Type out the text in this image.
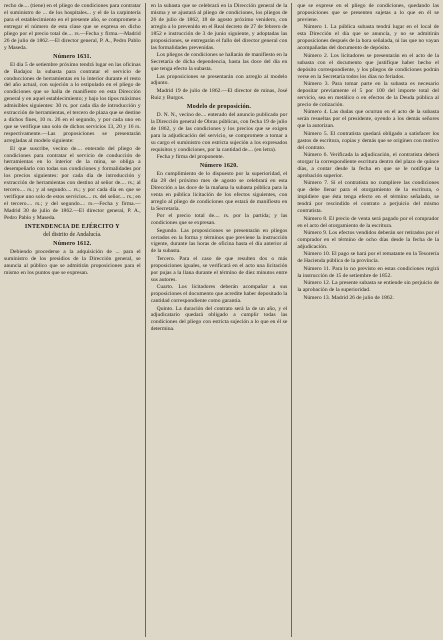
recho de.... (tiene) en el pliego de condiciones para contratar el suministro de ... de los hospitales... y el de la carpintería para el establecimiento en el presente año, se compromete a entregar el número de esta clase que se expresa en dicho pliego por el precio total de.... rs.—Fecha y firma.—Madrid 26 de julio de 1862.—El director general, P. A., Pedro Pablo y Maseda.

Número 1631.

El día 5 de setiembre próximo tendrá lugar en las oficinas de Badajoz la subasta para contratar el servicio de conducciones de herramientas en lo interior durante el resto del año actual, con sujeción a lo estipulado en el pliego de condiciones que se halla de manifiesto en esta Dirección general y en aquel establecimiento; y bajo los tipos máximos admisibles siguientes: 30 rs. por cada día de introducción y extracción de herramientas, el tercero de plaza que se destine a dichos fines, 10 rs. 26 en el segundo, y por cada uno en que se verifique uno solo de dichos servicios 13, 20 y 16 rs. respectivamente.—Las proposiciones se presentarán arregladas al modelo siguiente:

El que suscribe, vecino de.... enterado del pliego de condiciones para contratar el servicio de conducción de herramientas en lo interior de la mina, se obliga a desempeñarlo con todas sus condiciones y formalidades por los precios siguientes: por cada día de introducción y extracción de herramientas con destino al señor de.... rs.; al tercero.... rs.; y al segundo.... rs.; y por cada día en que se verifique uno solo de estos servicios.... rs. del señor.... rs.; en el tercero.... rs.; y del segundo.... rs.—Fecha y firma.—Madrid 30 de julio de 1862.—El director general, P. A., Pedro Pablo y Maseda.

INTENDENCIA DE EJÉRCITO Y
del distrito de Andalucía.
Número 1612.

Debiendo procederse a la adquisición de ... para el suministro de los presidios de la Dirección general, se anuncia al público que se admitirán proposiciones para el mismo en los puntos que se expresan.

en la subasta que se celebrará en la Dirección general de la misma y se ajustará al pliego de condiciones, los pliegos de 26 de julio de 1862, 18 de agosto próximo venidero, con arreglo a lo prevenido en el Real decreto de 27 de febrero de 1852 e instrucción de 3 de junio siguiente, y adoptadas las proposiciones, se entregarán el fallo del director general con las formalidades prevenidas.

Los pliegos de condiciones se hallarán de manifiesto en la Secretaría de dicha dependencia, hasta las doce del día en que tenga efecto la subasta.

Las proposiciones se presentarán con arreglo al modelo adjunto.

Madrid 19 de julio de 1862.—El director de minas, José Ruiz y Burgos.

Modelo de proposición.

D. N. N., vecino de.... enterado del anuncio publicado por la Dirección general de Obras públicas, con fecha 19 de julio de 1862, y de las condiciones y los precios que se exigen para la adjudicación del servicio, se compromete a tomar a su cargo el suministro con estricta sujeción a los expresados requisitos y condiciones, por la cantidad de.... (en letra).

Fecha y firma del proponente.

Número 1620.

En cumplimiento de lo dispuesto por la superioridad, el día 28 del próximo mes de agosto se celebrará en esta Dirección a las doce de la mañana la subasta pública para la venta en pública licitación de los efectos siguientes, con arreglo al pliego de condiciones que estará de manifiesto en la Secretaría.

Por el precio total de.... rs. por la partida; y las condiciones que se expresan.

Segundo. Las proposiciones se presentarán en pliegos cerrados en la forma y términos que previene la instrucción vigente, durante las horas de oficina hasta el día anterior al de la subasta.

Tercero. Para el caso de que resulten dos o más proposiciones iguales, se verificará en el acto una licitación por pujas a la llana durante el término de diez minutos entre sus autores.

Cuarto. Los licitadores deberán acompañar a sus proposiciones el documento que acredite haber depositado la cantidad correspondiente como garantía.

Quinto. La duración del contrato será la de un año, y el adjudicatario quedará obligado a cumplir todas las condiciones del pliego con estricta sujeción a lo que en él se determina.

que se exprese en el pliego de condiciones, quedando las proposiciones que se presenten sujetas a lo que en él se previene.

Número 1. La pública subasta tendrá lugar en el local de esta Dirección el día que se anuncia, y no se admitirán proposiciones después de la hora señalada, ni las que no vayan acompañadas del documento de depósito.

Número 2. Los licitadores se presentarán en el acto de la subasta con el documento que justifique haber hecho el depósito correspondiente, y los pliegos de condiciones podrán verse en la Secretaría todos los días no feriados.

Número 3. Para tomar parte en la subasta es necesario depositar previamente el 5 por 100 del importe total del servicio, sea en metálico o en efectos de la Deuda pública al precio de cotización.

Número 4. Las dudas que ocurran en el acto de la subasta serán resueltas por el presidente, oyendo a los demás señores que la autorizan.

Número 5. El contratista quedará obligado a satisfacer los gastos de escritura, copias y demás que se originen con motivo del contrato.

Número 6. Verificada la adjudicación, el contratista deberá otorgar la correspondiente escritura dentro del plazo de quince días, a contar desde la fecha en que se le notifique la aprobación superior.

Número 7. Si el contratista no cumpliere las condiciones que debe llenar para el otorgamiento de la escritura, o impidiere que ésta tenga efecto en el término señalado, se tendrá por rescindido el contrato a perjuicio del mismo contratista.

Número 8. El precio de venta será pagado por el comprador en el acto del otorgamiento de la escritura.

Número 9. Los efectos vendidos deberán ser retirados por el comprador en el término de ocho días desde la fecha de la adjudicación.

Número 10. El pago se hará por el rematante en la Tesorería de Hacienda pública de la provincia.

Número 11. Para lo no previsto en estas condiciones regirá la instrucción de 15 de setiembre de 1852.

Número 12. La presente subasta se entiende sin perjuicio de la aprobación de la superioridad.

Número 13. Madrid 26 de julio de 1862.
